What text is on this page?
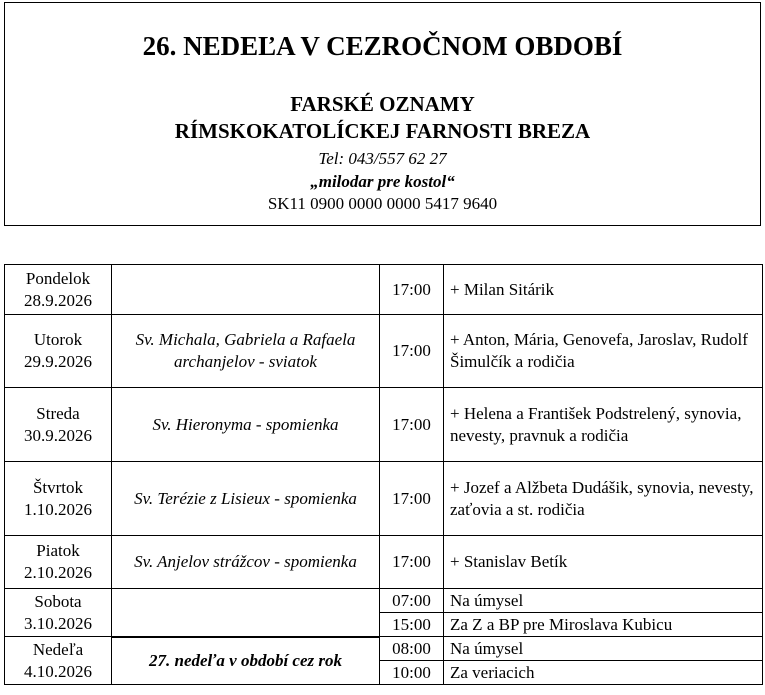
26. NEDEĽA V CEZROČNOM OBDOBÍ
FARSKÉ OZNAMY
RÍMSKOKATOLÍCKEJ FARNOSTI BREZA
Tel: 043/557 62 27
„milodar pre kostol“
SK11 0900 0000 0000 5417 9640
Pondelok
28.9.2026		17:00	+ Milan Sitárik

Utorok
29.9.2026	Sv. Michala, Gabriela a Rafaela archanjelov - sviatok	17:00	+ Anton, Mária, Genovefa, Jaroslav, Rudolf Šimulčík a rodičia

Streda
30.9.2026	Sv. Hieronyma - spomienka	17:00	+ Helena a František Podstrelený, synovia, nevesty, pravnuk a rodičia

Štvrtok
1.10.2026	Sv. Terézie z Lisieux - spomienka	17:00	+ Jozef a Alžbeta Dudášik, synovia, nevesty, zaťovia a st. rodičia

Piatok
2.10.2026	Sv. Anjelov strážcov - spomienka	17:00	+ Stanislav Betík

Sobota
3.10.2026		07:00	Na úmysel
		15:00	Za Z a BP pre Miroslava Kubicu

Nedeľa
4.10.2026	27. nedeľa v období cez rok	08:00	Na úmysel
		10:00	Za veriacich
